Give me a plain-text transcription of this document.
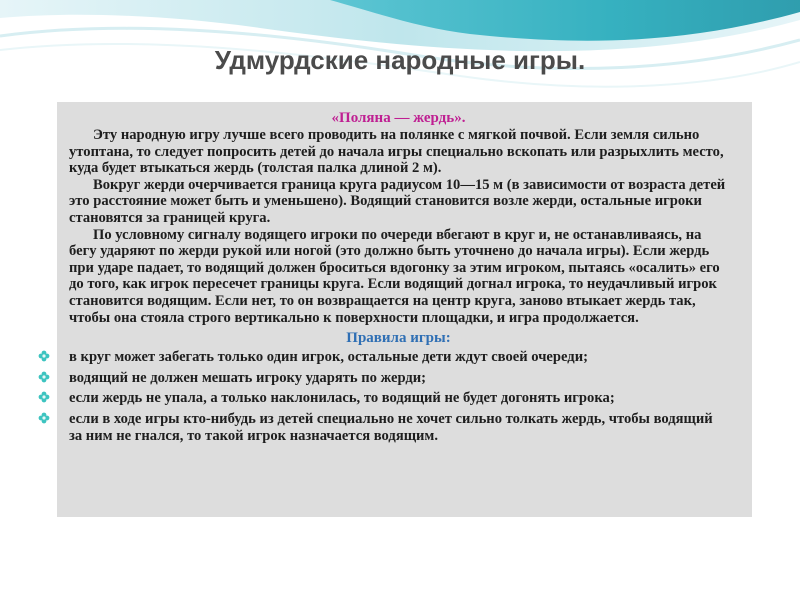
Удмурдские народные игры.
«Поляна — жердь».

Эту народную игру лучше всего проводить на полянке с мягкой почвой. Если земля сильно утоптана, то следует попросить детей до начала игры специально вскопать или разрыхлить место, куда будет втыкаться жердь (толстая палка длиной 2 м).

Вокруг жерди очерчивается граница круга радиусом 10—15 м (в зависимости от возраста детей это расстояние может быть и уменьшено). Водящий становится возле жерди, остальные игроки становятся за границей круга.

По условному сигналу водящего игроки по очереди вбегают в круг и, не останавливаясь, на бегу ударяют по жерди рукой или ногой (это должно быть уточнено до начала игры). Если жердь при ударе падает, то водящий должен броситься вдогонку за этим игроком, пытаясь «осалить» его до того, как игрок пересечет границы круга. Если водящий догнал игрока, то неудачливый игрок становится водящим. Если нет, то он возвращается на центр круга, заново втыкает жердь так, чтобы она стояла строго вертикально к поверхности площадки, и игра продолжается.

Правила игры:
в круг может забегать только один игрок, остальные дети ждут своей очереди;
водящий не должен мешать игроку ударять по жерди;
если жердь не упала, а только наклонилась, то водящий не будет догонять игрока;
если в ходе игры кто-нибудь из детей специально не хочет сильно толкать жердь, чтобы водящий за ним не гнался, то такой игрок назначается водящим.
